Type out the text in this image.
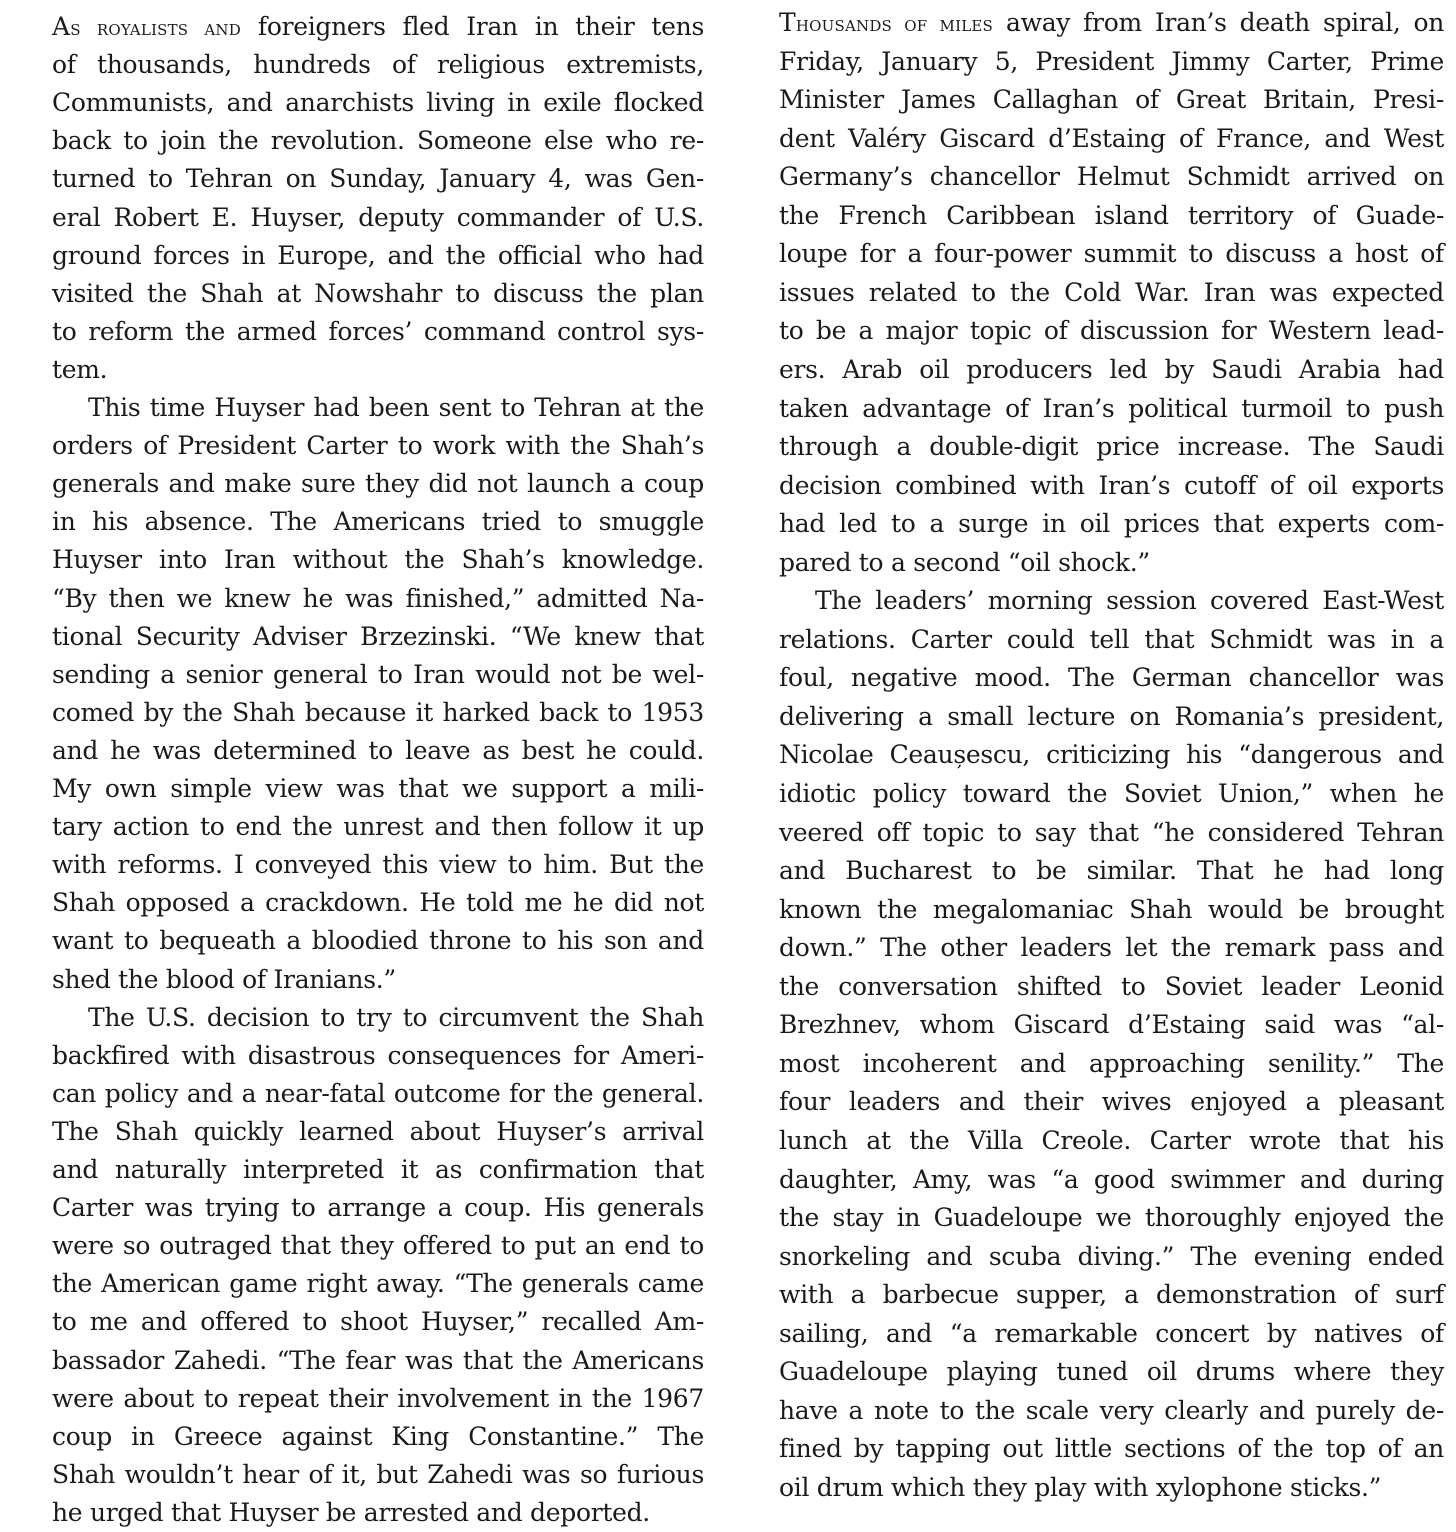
As royalists and foreigners fled Iran in their tens
of thousands, hundreds of religious extremists,
Communists, and anarchists living in exile flocked
back to join the revolution. Someone else who re-
turned to Tehran on Sunday, January 4, was Gen-
eral Robert E. Huyser, deputy commander of U.S.
ground forces in Europe, and the official who had
visited the Shah at Nowshahr to discuss the plan
to reform the armed forces’ command control sys-
tem.
This time Huyser had been sent to Tehran at the
orders of President Carter to work with the Shah’s
generals and make sure they did not launch a coup
in his absence. The Americans tried to smuggle
Huyser into Iran without the Shah’s knowledge.
“By then we knew he was finished,” admitted Na-
tional Security Adviser Brzezinski. “We knew that
sending a senior general to Iran would not be wel-
comed by the Shah because it harked back to 1953
and he was determined to leave as best he could.
My own simple view was that we support a mili-
tary action to end the unrest and then follow it up
with reforms. I conveyed this view to him. But the
Shah opposed a crackdown. He told me he did not
want to bequeath a bloodied throne to his son and
shed the blood of Iranians.”
The U.S. decision to try to circumvent the Shah
backfired with disastrous consequences for Ameri-
can policy and a near-fatal outcome for the general.
The Shah quickly learned about Huyser’s arrival
and naturally interpreted it as confirmation that
Carter was trying to arrange a coup. His generals
were so outraged that they offered to put an end to
the American game right away. “The generals came
to me and offered to shoot Huyser,” recalled Am-
bassador Zahedi. “The fear was that the Americans
were about to repeat their involvement in the 1967
coup in Greece against King Constantine.” The
Shah wouldn’t hear of it, but Zahedi was so furious
he urged that Huyser be arrested and deported.
Thousands of miles away from Iran’s death spiral, on
Friday, January 5, President Jimmy Carter, Prime
Minister James Callaghan of Great Britain, Presi-
dent Valéry Giscard d’Estaing of France, and West
Germany’s chancellor Helmut Schmidt arrived on
the French Caribbean island territory of Guade-
loupe for a four-power summit to discuss a host of
issues related to the Cold War. Iran was expected
to be a major topic of discussion for Western lead-
ers. Arab oil producers led by Saudi Arabia had
taken advantage of Iran’s political turmoil to push
through a double-digit price increase. The Saudi
decision combined with Iran’s cutoff of oil exports
had led to a surge in oil prices that experts com-
pared to a second “oil shock.”
The leaders’ morning session covered East-West
relations. Carter could tell that Schmidt was in a
foul, negative mood. The German chancellor was
delivering a small lecture on Romania’s president,
Nicolae Ceaușescu, criticizing his “dangerous and
idiotic policy toward the Soviet Union,” when he
veered off topic to say that “he considered Tehran
and Bucharest to be similar. That he had long
known the megalomaniac Shah would be brought
down.” The other leaders let the remark pass and
the conversation shifted to Soviet leader Leonid
Brezhnev, whom Giscard d’Estaing said was “al-
most incoherent and approaching senility.” The
four leaders and their wives enjoyed a pleasant
lunch at the Villa Creole. Carter wrote that his
daughter, Amy, was “a good swimmer and during
the stay in Guadeloupe we thoroughly enjoyed the
snorkeling and scuba diving.” The evening ended
with a barbecue supper, a demonstration of surf
sailing, and “a remarkable concert by natives of
Guadeloupe playing tuned oil drums where they
have a note to the scale very clearly and purely de-
fined by tapping out little sections of the top of an
oil drum which they play with xylophone sticks.”
